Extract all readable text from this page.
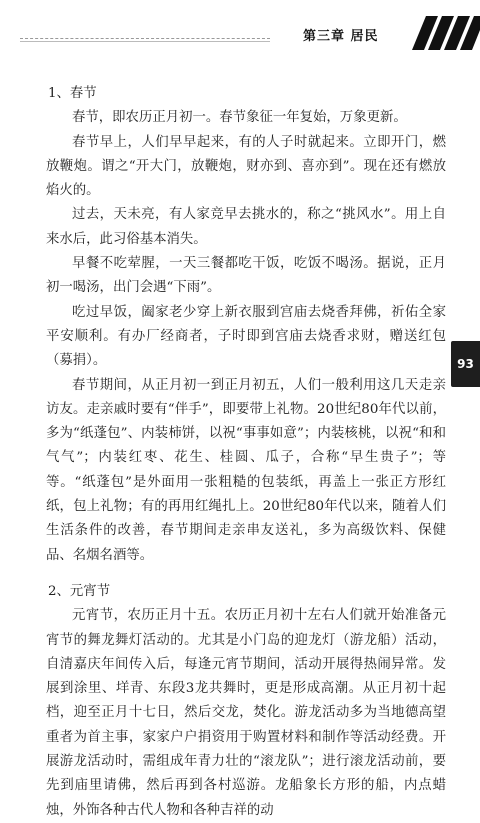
第三章 居民
93
1、春节

春节，即农历正月初一。春节象征一年复始，万象更新。

春节早上，人们早早起来，有的人子时就起来。立即开门，燃放鞭炮。谓之“开大门，放鞭炮，财亦到、喜亦到”。现在还有燃放焰火的。

过去，天未亮，有人家竞早去挑水的，称之“挑风水”。用上自来水后，此习俗基本消失。

早餐不吃荤腥，一天三餐都吃干饭，吃饭不喝汤。据说，正月初一喝汤，出门会遇“下雨”。

吃过早饭，阖家老少穿上新衣服到宫庙去烧香拜佛，祈佑全家平安顺利。有办厂经商者，子时即到宫庙去烧香求财，赠送红包（募捐）。

春节期间，从正月初一到正月初五，人们一般利用这几天走亲访友。走亲戚时要有“伴手”，即要带上礼物。20世纪80年代以前，多为“纸蓬包”、内装柿饼，以祝“事事如意”；内装核桃，以祝“和和气气”；内装红枣、花生、桂圆、瓜子，合称“早生贵子”；等等。“纸蓬包”是外面用一张粗糙的包装纸，再盖上一张正方形红纸，包上礼物；有的再用红绳扎上。20世纪80年代以来，随着人们生活条件的改善，春节期间走亲串友送礼，多为高级饮料、保健品、名烟名酒等。

2、元宵节

元宵节，农历正月十五。农历正月初十左右人们就开始准备元宵节的舞龙舞灯活动的。尤其是小门岛的迎龙灯（游龙船）活动，自清嘉庆年间传入后，每逢元宵节期间，活动开展得热闹异常。发展到涂里、垟青、东段3龙共舞时，更是形成高潮。从正月初十起档，迎至正月十七日，然后交龙，焚化。游龙活动多为当地德高望重者为首主事，家家户户捐资用于购置材料和制作等活动经费。开展游龙活动时，需组成年青力壮的“滚龙队”；进行滚龙活动前，要先到庙里请佛，然后再到各村巡游。龙船象长方形的船，内点蜡烛，外饰各种古代人物和各种吉祥的动
